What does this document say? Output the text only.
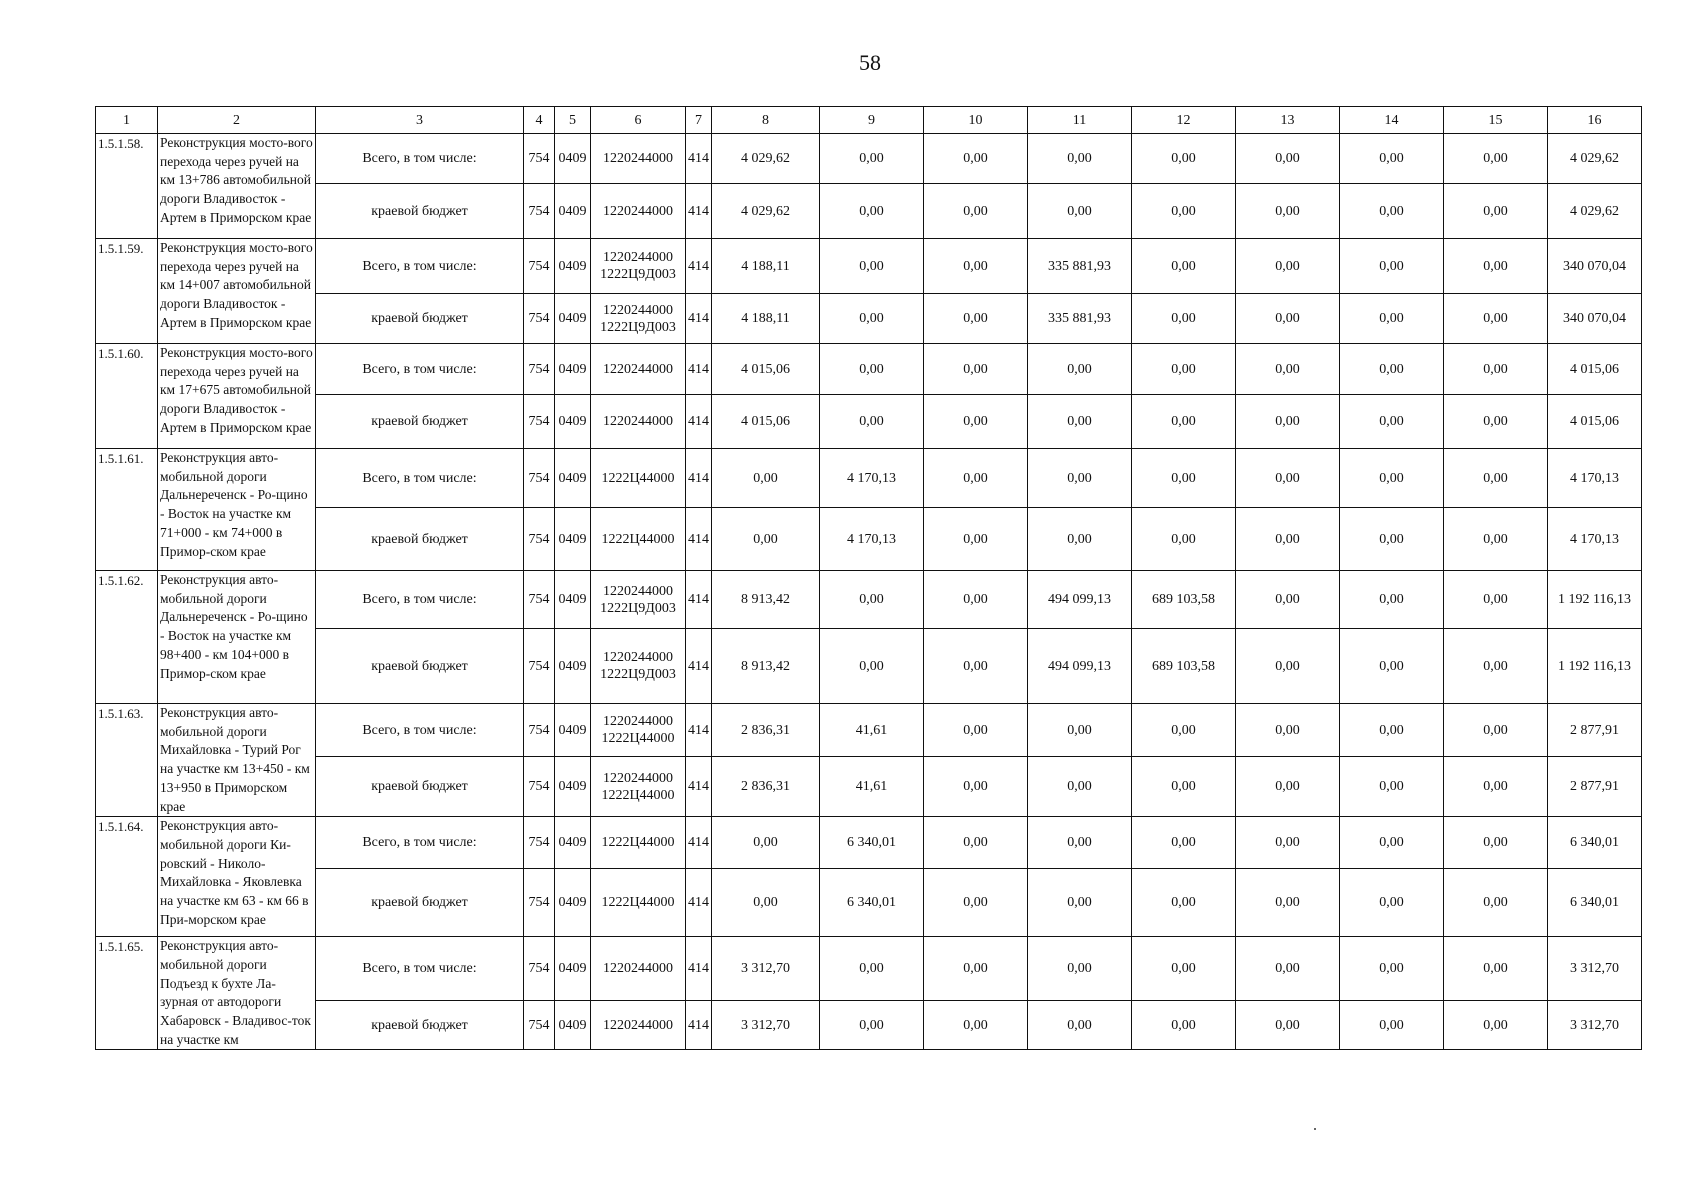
58
1	2	3	4	5	6	7	8	9	10	11	12	13	14	15	16
1.5.1.58.	Реконструкция мосто-вого перехода через ручей на км 13+786 автомобильной дороги Владивосток - Артем в Приморском крае	Всего, в том числе:	754	0409	1220244000	414	4 029,62	0,00	0,00	0,00	0,00	0,00	0,00	0,00	4 029,62
		краевой бюджет	754	0409	1220244000	414	4 029,62	0,00	0,00	0,00	0,00	0,00	0,00	0,00	4 029,62
1.5.1.59.	Реконструкция мосто-вого перехода через ручей на км 14+007 автомобильной дороги Владивосток - Артем в Приморском крае	Всего, в том числе:	754	0409	1220244000 1222Ц9Д003	414	4 188,11	0,00	0,00	335 881,93	0,00	0,00	0,00	0,00	340 070,04
		краевой бюджет	754	0409	1220244000 1222Ц9Д003	414	4 188,11	0,00	0,00	335 881,93	0,00	0,00	0,00	0,00	340 070,04
1.5.1.60.	Реконструкция мосто-вого перехода через ручей на км 17+675 автомобильной дороги Владивосток - Артем в Приморском крае	Всего, в том числе:	754	0409	1220244000	414	4 015,06	0,00	0,00	0,00	0,00	0,00	0,00	0,00	4 015,06
		краевой бюджет	754	0409	1220244000	414	4 015,06	0,00	0,00	0,00	0,00	0,00	0,00	0,00	4 015,06
1.5.1.61.	Реконструкция авто-мобильной дороги Дальнереченск - Ро-щино - Восток на участке км 71+000 - км 74+000 в Примор-ском крае	Всего, в том числе:	754	0409	1222Ц44000	414	0,00	4 170,13	0,00	0,00	0,00	0,00	0,00	0,00	4 170,13
		краевой бюджет	754	0409	1222Ц44000	414	0,00	4 170,13	0,00	0,00	0,00	0,00	0,00	0,00	4 170,13
1.5.1.62.	Реконструкция авто-мобильной дороги Дальнереченск - Ро-щино - Восток на участке км 98+400 - км 104+000 в Примор-ском крае	Всего, в том числе:	754	0409	1220244000 1222Ц9Д003	414	8 913,42	0,00	0,00	494 099,13	689 103,58	0,00	0,00	0,00	1 192 116,13
		краевой бюджет	754	0409	1220244000 1222Ц9Д003	414	8 913,42	0,00	0,00	494 099,13	689 103,58	0,00	0,00	0,00	1 192 116,13
1.5.1.63.	Реконструкция авто-мобильной дороги Михайловка - Турий Рог на участке км 13+450 - км 13+950 в Приморском крае	Всего, в том числе:	754	0409	1220244000 1222Ц44000	414	2 836,31	41,61	0,00	0,00	0,00	0,00	0,00	0,00	2 877,91
		краевой бюджет	754	0409	1220244000 1222Ц44000	414	2 836,31	41,61	0,00	0,00	0,00	0,00	0,00	0,00	2 877,91
1.5.1.64.	Реконструкция авто-мобильной дороги Ки-ровский - Николо-Михайловка - Яковлевка на участке км 63 - км 66 в При-морском крае	Всего, в том числе:	754	0409	1222Ц44000	414	0,00	6 340,01	0,00	0,00	0,00	0,00	0,00	0,00	6 340,01
		краевой бюджет	754	0409	1222Ц44000	414	0,00	6 340,01	0,00	0,00	0,00	0,00	0,00	0,00	6 340,01
1.5.1.65.	Реконструкция авто-мобильной дороги Подъезд к бухте Ла-зурная от автодороги Хабаровск - Владивос-ток на участке км	Всего, в том числе:	754	0409	1220244000	414	3 312,70	0,00	0,00	0,00	0,00	0,00	0,00	0,00	3 312,70
		краевой бюджет	754	0409	1220244000	414	3 312,70	0,00	0,00	0,00	0,00	0,00	0,00	0,00	3 312,70
